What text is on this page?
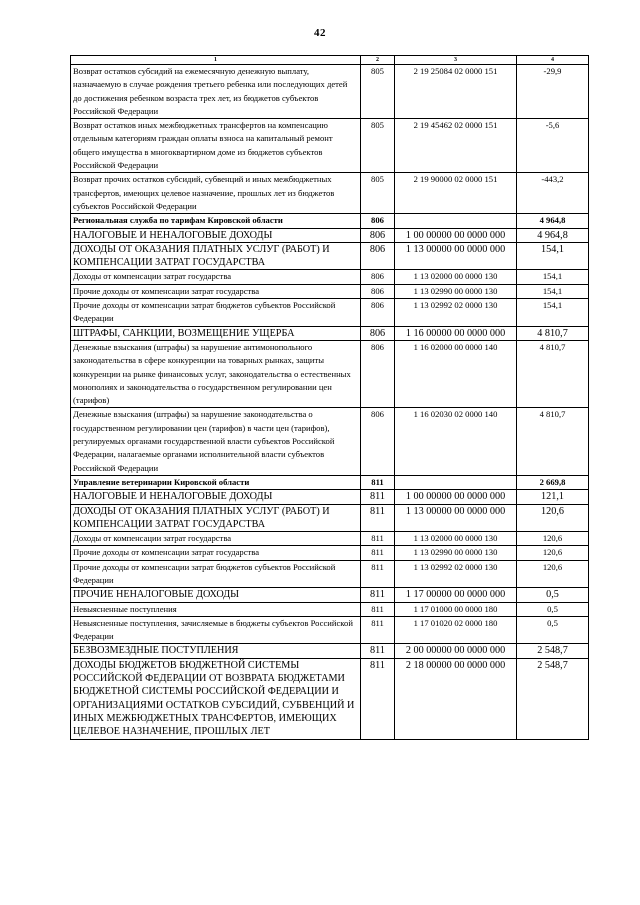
42
1	2	3	4
Возврат остатков субсидий на ежемесячную денежную выплату, назначаемую в случае рождения третьего ребенка или последующих детей до достижения ребенком возраста трех лет, из бюджетов субъектов Российской Федерации	805	2 19 25084 02 0000 151	-29,9
Возврат остатков иных межбюджетных трансфертов на компенсацию отдельным категориям граждан оплаты взноса на капитальный ремонт общего имущества в многоквартирном доме из бюджетов субъектов Российской Федерации	805	2 19 45462 02 0000 151	-5,6
Возврат прочих остатков субсидий, субвенций и иных межбюджетных трансфертов, имеющих целевое назначение, прошлых лет из бюджетов субъектов Российской Федерации	805	2 19 90000 02 0000 151	-443,2
Региональная служба по тарифам Кировской области	806		4 964,8
НАЛОГОВЫЕ И НЕНАЛОГОВЫЕ ДОХОДЫ	806	1 00 00000 00 0000 000	4 964,8
ДОХОДЫ ОТ ОКАЗАНИЯ ПЛАТНЫХ УСЛУГ (РАБОТ) И КОМПЕНСАЦИИ ЗАТРАТ ГОСУДАРСТВА	806	1 13 00000 00 0000 000	154,1
Доходы от компенсации затрат государства	806	1 13 02000 00 0000 130	154,1
Прочие доходы от компенсации затрат государства	806	1 13 02990 00 0000 130	154,1
Прочие доходы от компенсации затрат бюджетов субъектов Российской Федерации	806	1 13 02992 02 0000 130	154,1
ШТРАФЫ, САНКЦИИ, ВОЗМЕЩЕНИЕ УЩЕРБА	806	1 16 00000 00 0000 000	4 810,7
Денежные взыскания (штрафы) за нарушение антимонопольного законодательства в сфере конкуренции на товарных рынках, защиты конкуренции на рынке финансовых услуг, законодательства о естественных монополиях и законодательства о государственном регулировании цен (тарифов)	806	1 16 02000 00 0000 140	4 810,7
Денежные взыскания (штрафы) за нарушение законодательства о государственном регулировании цен (тарифов) в части цен (тарифов), регулируемых органами государственной власти субъектов Российской Федерации, налагаемые органами исполнительной власти субъектов Российской Федерации	806	1 16 02030 02 0000 140	4 810,7
Управление ветеринарии Кировской области	811		2 669,8
НАЛОГОВЫЕ И НЕНАЛОГОВЫЕ ДОХОДЫ	811	1 00 00000 00 0000 000	121,1
ДОХОДЫ ОТ ОКАЗАНИЯ ПЛАТНЫХ УСЛУГ (РАБОТ) И КОМПЕНСАЦИИ ЗАТРАТ ГОСУДАРСТВА	811	1 13 00000 00 0000 000	120,6
Доходы от компенсации затрат государства	811	1 13 02000 00 0000 130	120,6
Прочие доходы от компенсации затрат государства	811	1 13 02990 00 0000 130	120,6
Прочие доходы от компенсации затрат бюджетов субъектов Российской Федерации	811	1 13 02992 02 0000 130	120,6
ПРОЧИЕ НЕНАЛОГОВЫЕ ДОХОДЫ	811	1 17 00000 00 0000 000	0,5
Невыясненные поступления	811	1 17 01000 00 0000 180	0,5
Невыясненные поступления, зачисляемые в бюджеты субъектов Российской Федерации	811	1 17 01020 02 0000 180	0,5
БЕЗВОЗМЕЗДНЫЕ ПОСТУПЛЕНИЯ	811	2 00 00000 00 0000 000	2 548,7
ДОХОДЫ БЮДЖЕТОВ БЮДЖЕТНОЙ СИСТЕМЫ РОССИЙСКОЙ ФЕДЕРАЦИИ ОТ ВОЗВРАТА БЮДЖЕТАМИ БЮДЖЕТНОЙ СИСТЕМЫ РОССИЙСКОЙ ФЕДЕРАЦИИ И ОРГАНИЗАЦИЯМИ ОСТАТКОВ СУБСИДИЙ, СУБВЕНЦИЙ И ИНЫХ МЕЖБЮДЖЕТНЫХ ТРАНСФЕРТОВ, ИМЕЮЩИХ ЦЕЛЕВОЕ НАЗНАЧЕНИЕ, ПРОШЛЫХ ЛЕТ	811	2 18 00000 00 0000 000	2 548,7
